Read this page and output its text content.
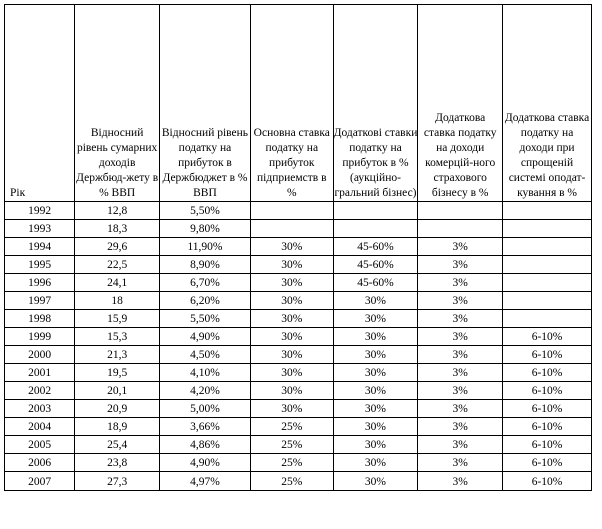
Рік	Відносний рівень сумарних доходів Держбюд-жету в % ВВП	Відносний рівень податку на прибуток в Держбюджет в % ВВП	Основна ставка податку на прибуток підприемств в %	Додаткові ставки податку на прибуток в % (аукційно-гральний бізнес)	Додаткова ставка податку на доходи комерцій-ного страхового бізнесу в %	Додаткова ставка податку на доходи при спрощеній системі оподат-кування в %

1992	12,8	5,50%				
1993	18,3	9,80%				
1994	29,6	11,90%	30%	45-60%	3%	
1995	22,5	8,90%	30%	45-60%	3%	
1996	24,1	6,70%	30%	45-60%	3%	
1997	18	6,20%	30%	30%	3%	
1998	15,9	5,50%	30%	30%	3%	
1999	15,3	4,90%	30%	30%	3%	6-10%
2000	21,3	4,50%	30%	30%	3%	6-10%
2001	19,5	4,10%	30%	30%	3%	6-10%
2002	20,1	4,20%	30%	30%	3%	6-10%
2003	20,9	5,00%	30%	30%	3%	6-10%
2004	18,9	3,66%	25%	30%	3%	6-10%
2005	25,4	4,86%	25%	30%	3%	6-10%
2006	23,8	4,90%	25%	30%	3%	6-10%
2007	27,3	4,97%	25%	30%	3%	6-10%
